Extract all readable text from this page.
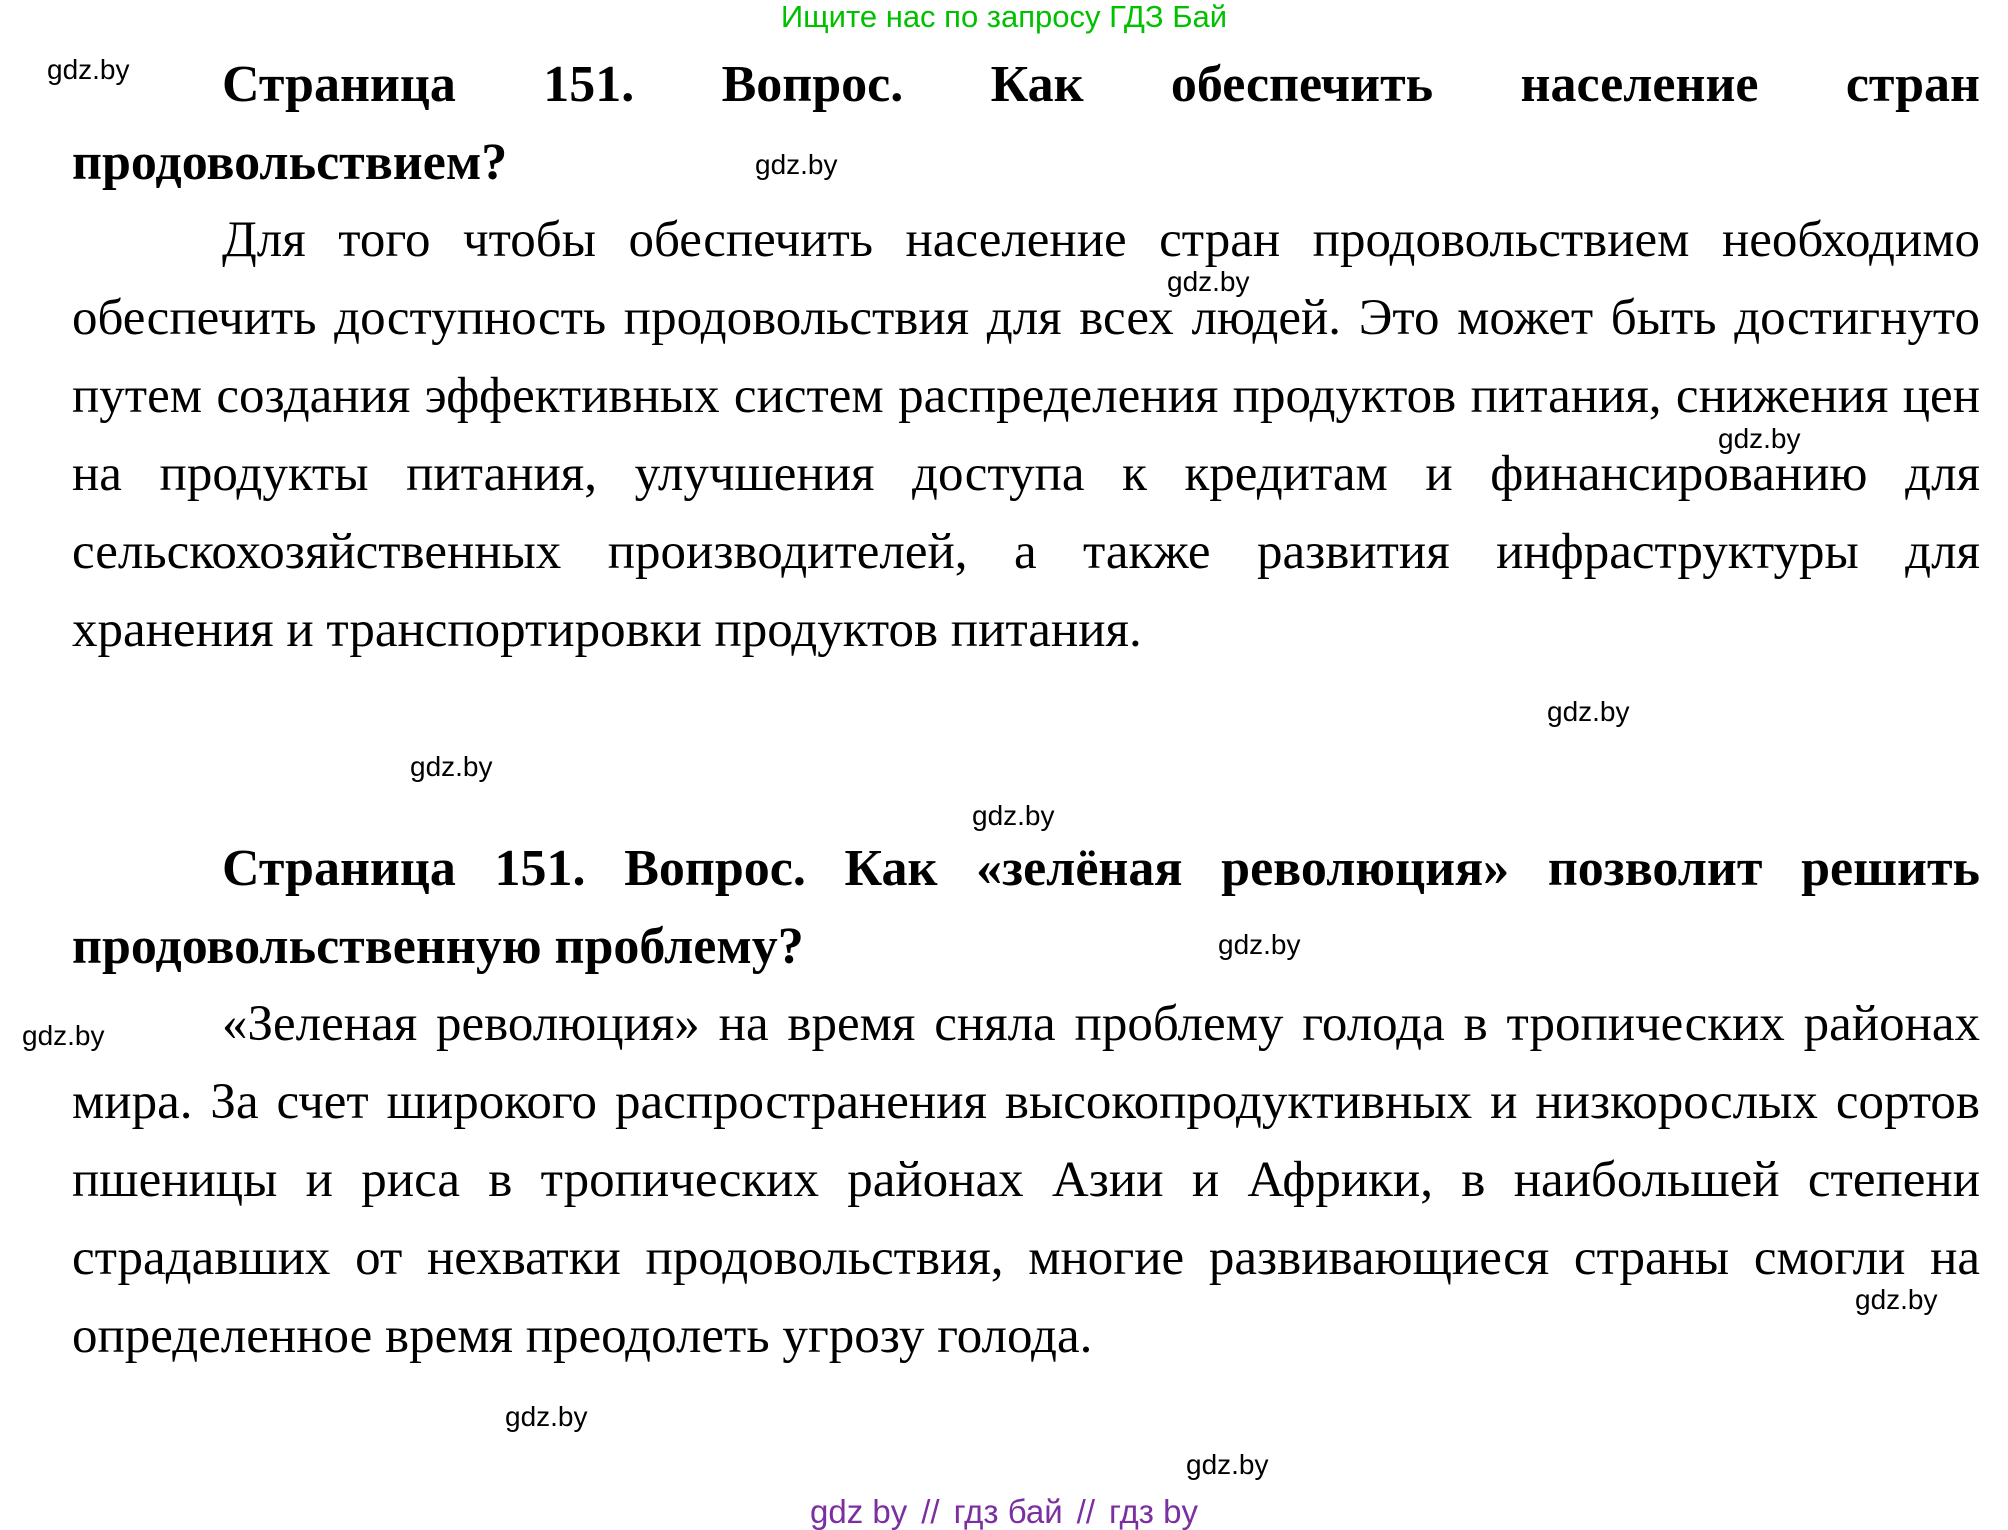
Ищите нас по запросу ГДЗ Бай
Страница 151. Вопрос. Как обеспечить население стран продовольствием?

Для того чтобы обеспечить население стран продовольствием необходимо обеспечить доступность продовольствия для всех людей. Это может быть достигнуто путем создания эффективных систем распределения продуктов питания, снижения цен на продукты питания, улучшения доступа к кредитам и финансированию для сельскохозяйственных производителей, а также развития инфраструктуры для хранения и транспортировки продуктов питания.

Страница 151. Вопрос. Как «зелёная революция» позволит решить продовольственную проблему?

«Зеленая революция» на время сняла проблему голода в тропических районах мира. За счет широкого распространения высокопродуктивных и низкорослых сортов пшеницы и риса в тропических районах Азии и Африки, в наибольшей степени страдавших от нехватки продовольствия, многие развивающиеся страны смогли на определенное время преодолеть угрозу голода.

gdz.by
gdz.by
gdz.by
gdz.by
gdz.by
gdz.by
gdz.by
gdz.by
gdz.by
gdz.by
gdz.by
gdz.by
gdz by // гдз бай // гдз by
